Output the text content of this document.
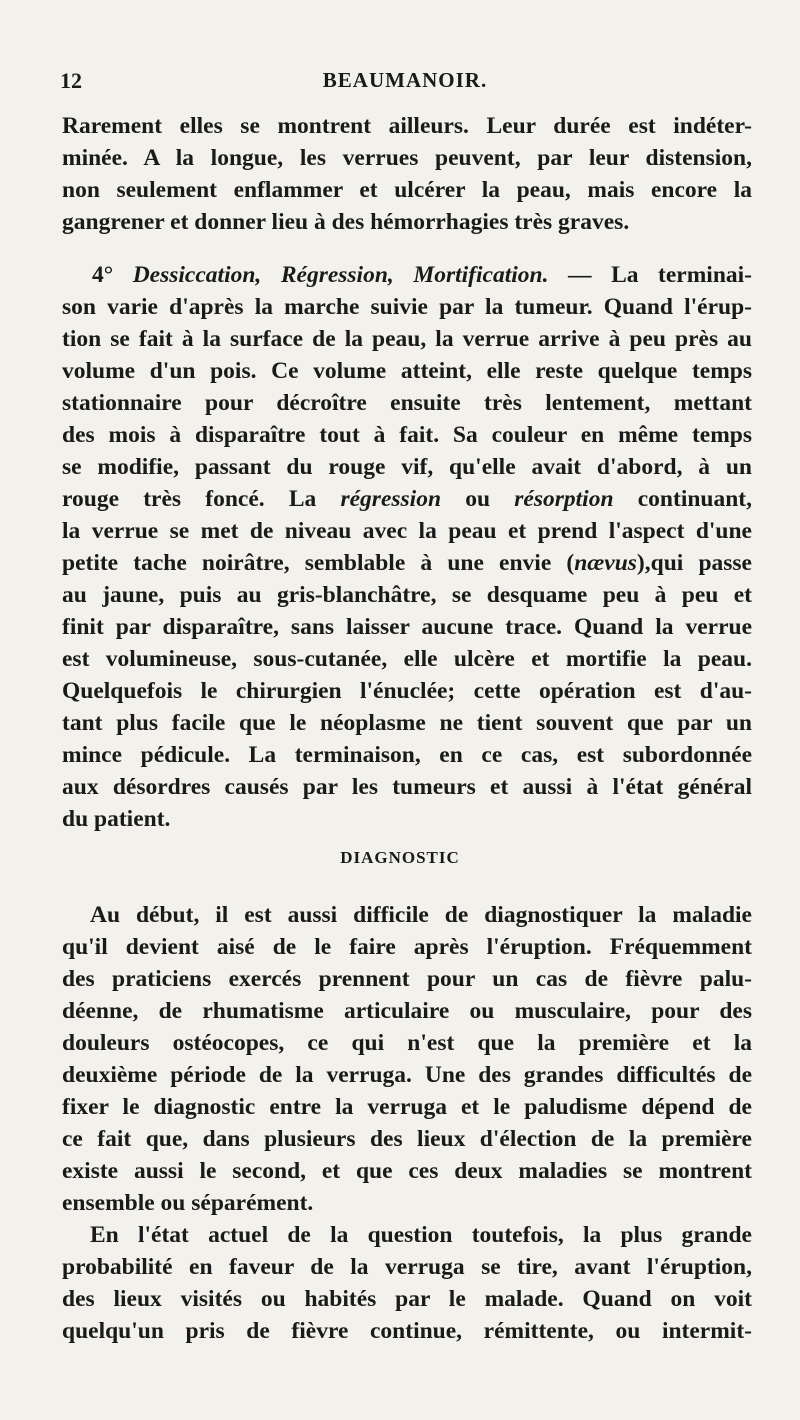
12	BEAUMANOIR.
Rarement elles se montrent ailleurs. Leur durée est indéter-
minée. A la longue, les verrues peuvent, par leur distension,
non seulement enflammer et ulcérer la peau, mais encore la
gangrener et donner lieu à des hémorrhagies très graves.
4° Dessiccation, Régression, Mortification. — La terminai-
son varie d'après la marche suivie par la tumeur. Quand l'érup-
tion se fait à la surface de la peau, la verrue arrive à peu près au
volume d'un pois. Ce volume atteint, elle reste quelque temps
stationnaire pour décroître ensuite très lentement, mettant
des mois à disparaître tout à fait. Sa couleur en même temps
se modifie, passant du rouge vif, qu'elle avait d'abord, à un
rouge très foncé. La régression ou résorption continuant,
la verrue se met de niveau avec la peau et prend l'aspect d'une
petite tache noirâtre, semblable à une envie (nævus),qui passe
au jaune, puis au gris-blanchâtre, se desquame peu à peu et
finit par disparaître, sans laisser aucune trace. Quand la verrue
est volumineuse, sous-cutanée, elle ulcère et mortifie la peau.
Quelquefois le chirurgien l'énuclée; cette opération est d'au-
tant plus facile que le néoplasme ne tient souvent que par un
mince pédicule. La terminaison, en ce cas, est subordonnée
aux désordres causés par les tumeurs et aussi à l'état général
du patient.
Au début, il est aussi difficile de diagnostiquer la maladie
qu'il devient aisé de le faire après l'éruption. Fréquemment
des praticiens exercés prennent pour un cas de fièvre palu-
déenne, de rhumatisme articulaire ou musculaire, pour des
douleurs ostéocopes, ce qui n'est que la première et la
deuxième période de la verruga. Une des grandes difficultés de
fixer le diagnostic entre la verruga et le paludisme dépend de
ce fait que, dans plusieurs des lieux d'élection de la première
existe aussi le second, et que ces deux maladies se montrent
ensemble ou séparément.
En l'état actuel de la question toutefois, la plus grande
probabilité en faveur de la verruga se tire, avant l'éruption,
des lieux visités ou habités par le malade. Quand on voit
quelqu'un pris de fièvre continue, rémittente, ou intermit-
DIAGNOSTIC
